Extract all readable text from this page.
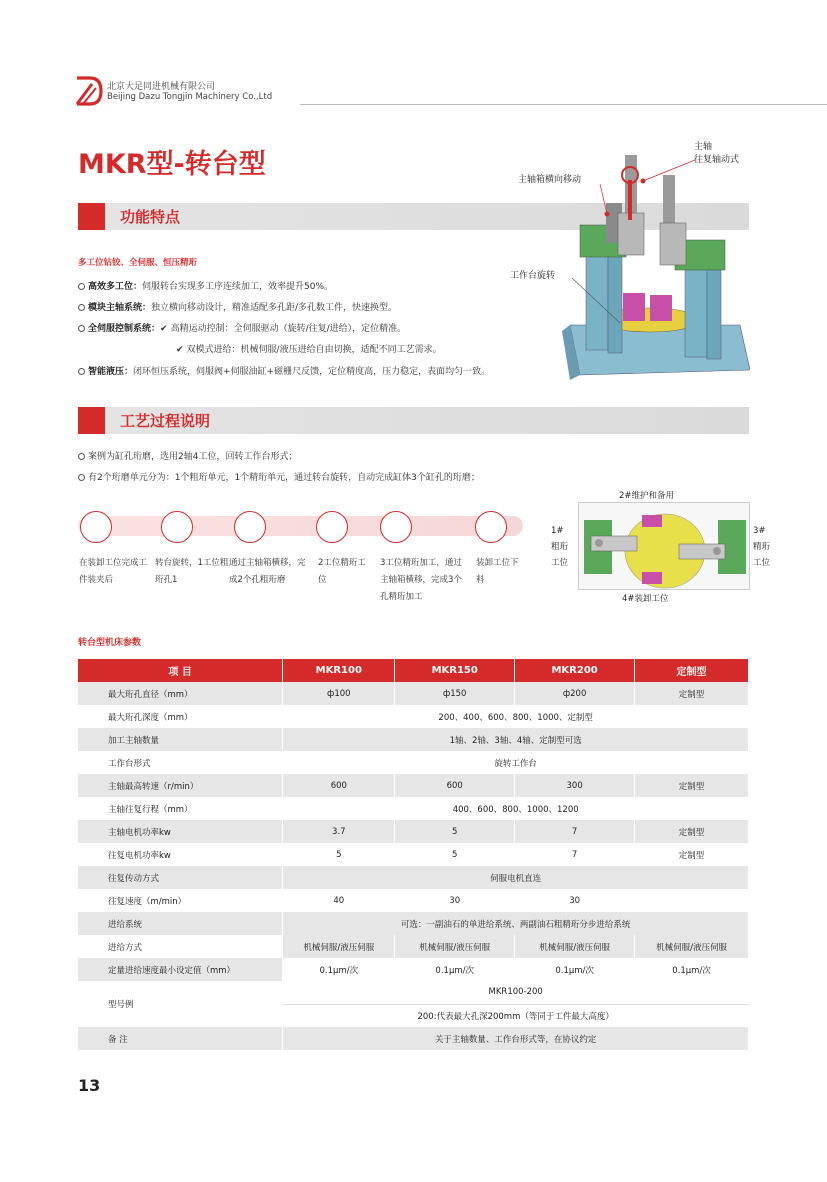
北京大足同进机械有限公司
Beijing Dazu Tongjin Machinery Co.,Ltd
MKR型-转台型
功能特点
多工位钻铰、全伺服、恒压精珩
高效多工位：伺服转台实现多工序连续加工，效率提升50%。
模块主轴系统：独立横向移动设计，精准适配多孔距/多孔数工件，快速换型。
全伺服控制系统：✔ 高精运动控制：全伺服驱动（旋转/往复/进给），定位精准。
✔ 双模式进给：机械伺服/液压进给自由切换，适配不同工艺需求。
智能液压：闭环恒压系统，伺服阀+伺服油缸+磁栅尺反馈，定位精度高，压力稳定，表面均匀一致。
主轴
往复轴动式
主轴箱横向移动
工作台旋转
工艺过程说明
案例为缸孔珩磨，选用2轴4工位，回转工作台形式；
有2个珩磨单元分为：1个粗珩单元，1个精珩单元，通过转台旋转，自动完成缸体3个缸孔的珩磨；
在装卸工位完成工件装夹后
转台旋转，1工位粗珩孔1
通过主轴箱横移，完成2个孔粗珩磨
2工位精珩工位
3工位精珩加工，通过主轴箱横移，完成3个孔精珩加工
装卸工位下料
2#维护和备用
1#
粗珩
工位
3#
精珩
工位
4#装卸工位
转台型机床参数
项 目	MKR100	MKR150	MKR200	定制型
最大珩孔直径（mm）	ф100	ф150	ф200	定制型
最大珩孔深度（mm）	200、400、600、800、1000、定制型			
加工主轴数量	1轴、2轴、3轴、4轴、定制型可选			
工作台形式	旋转工作台			
主轴最高转速（r/min）	600	600	300	定制型
主轴往复行程（mm）	400、600、800、1000、1200			
主轴电机功率kw	3.7	5	7	定制型
往复电机功率kw	5	5	7	定制型
往复传动方式	伺服电机直连			
往复速度（m/min）	40	30	30	
进给系统	可选：一副油石的单进给系统、两副油石粗精珩分步进给系统			
进给方式	机械伺服/液压伺服	机械伺服/液压伺服	机械伺服/液压伺服	机械伺服/液压伺服
定量进给速度最小设定值（mm）	0.1μm/次	0.1μm/次	0.1μm/次	0.1μm/次
型号例	MKR100-200			
	200:代表最大孔深200mm（等同于工件最大高度）			
备 注	关于主轴数量、工作台形式等，在协议约定			
13
